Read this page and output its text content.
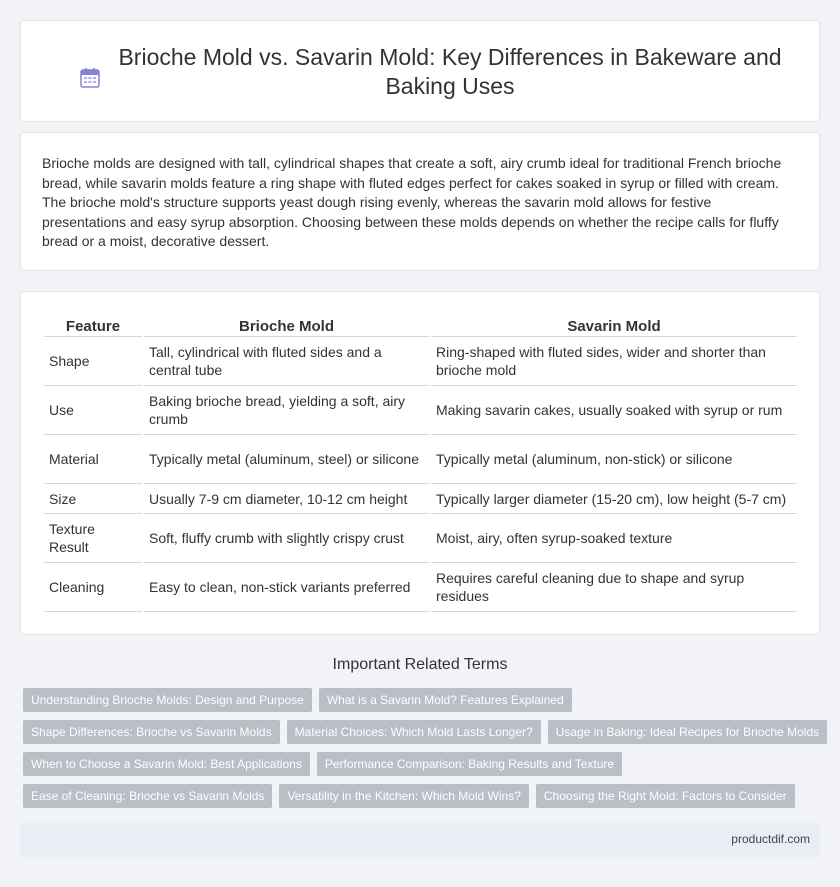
Brioche Mold vs. Savarin Mold: Key Differences in Bakeware and Baking Uses

Brioche molds are designed with tall, cylindrical shapes that create a soft, airy crumb ideal for traditional French brioche bread, while savarin molds feature a ring shape with fluted edges perfect for cakes soaked in syrup or filled with cream. The brioche mold's structure supports yeast dough rising evenly, whereas the savarin mold allows for festive presentations and easy syrup absorption. Choosing between these molds depends on whether the recipe calls for fluffy bread or a moist, decorative dessert.

Feature	Brioche Mold	Savarin Mold
Shape	Tall, cylindrical with fluted sides and a central tube	Ring-shaped with fluted sides, wider and shorter than brioche mold
Use	Baking brioche bread, yielding a soft, airy crumb	Making savarin cakes, usually soaked with syrup or rum
Material	Typically metal (aluminum, steel) or silicone	Typically metal (aluminum, non-stick) or silicone
Size	Usually 7-9 cm diameter, 10-12 cm height	Typically larger diameter (15-20 cm), low height (5-7 cm)
Texture Result	Soft, fluffy crumb with slightly crispy crust	Moist, airy, often syrup-soaked texture
Cleaning	Easy to clean, non-stick variants preferred	Requires careful cleaning due to shape and syrup residues
Important Related Terms
Understanding Brioche Molds: Design and Purpose	What is a Savarin Mold? Features Explained
Shape Differences: Brioche vs Savarin Molds	Material Choices: Which Mold Lasts Longer?	Usage in Baking: Ideal Recipes for Brioche Molds
When to Choose a Savarin Mold: Best Applications	Performance Comparison: Baking Results and Texture
Ease of Cleaning: Brioche vs Savarin Molds	Versatility in the Kitchen: Which Mold Wins?	Choosing the Right Mold: Factors to Consider
productdif.com
